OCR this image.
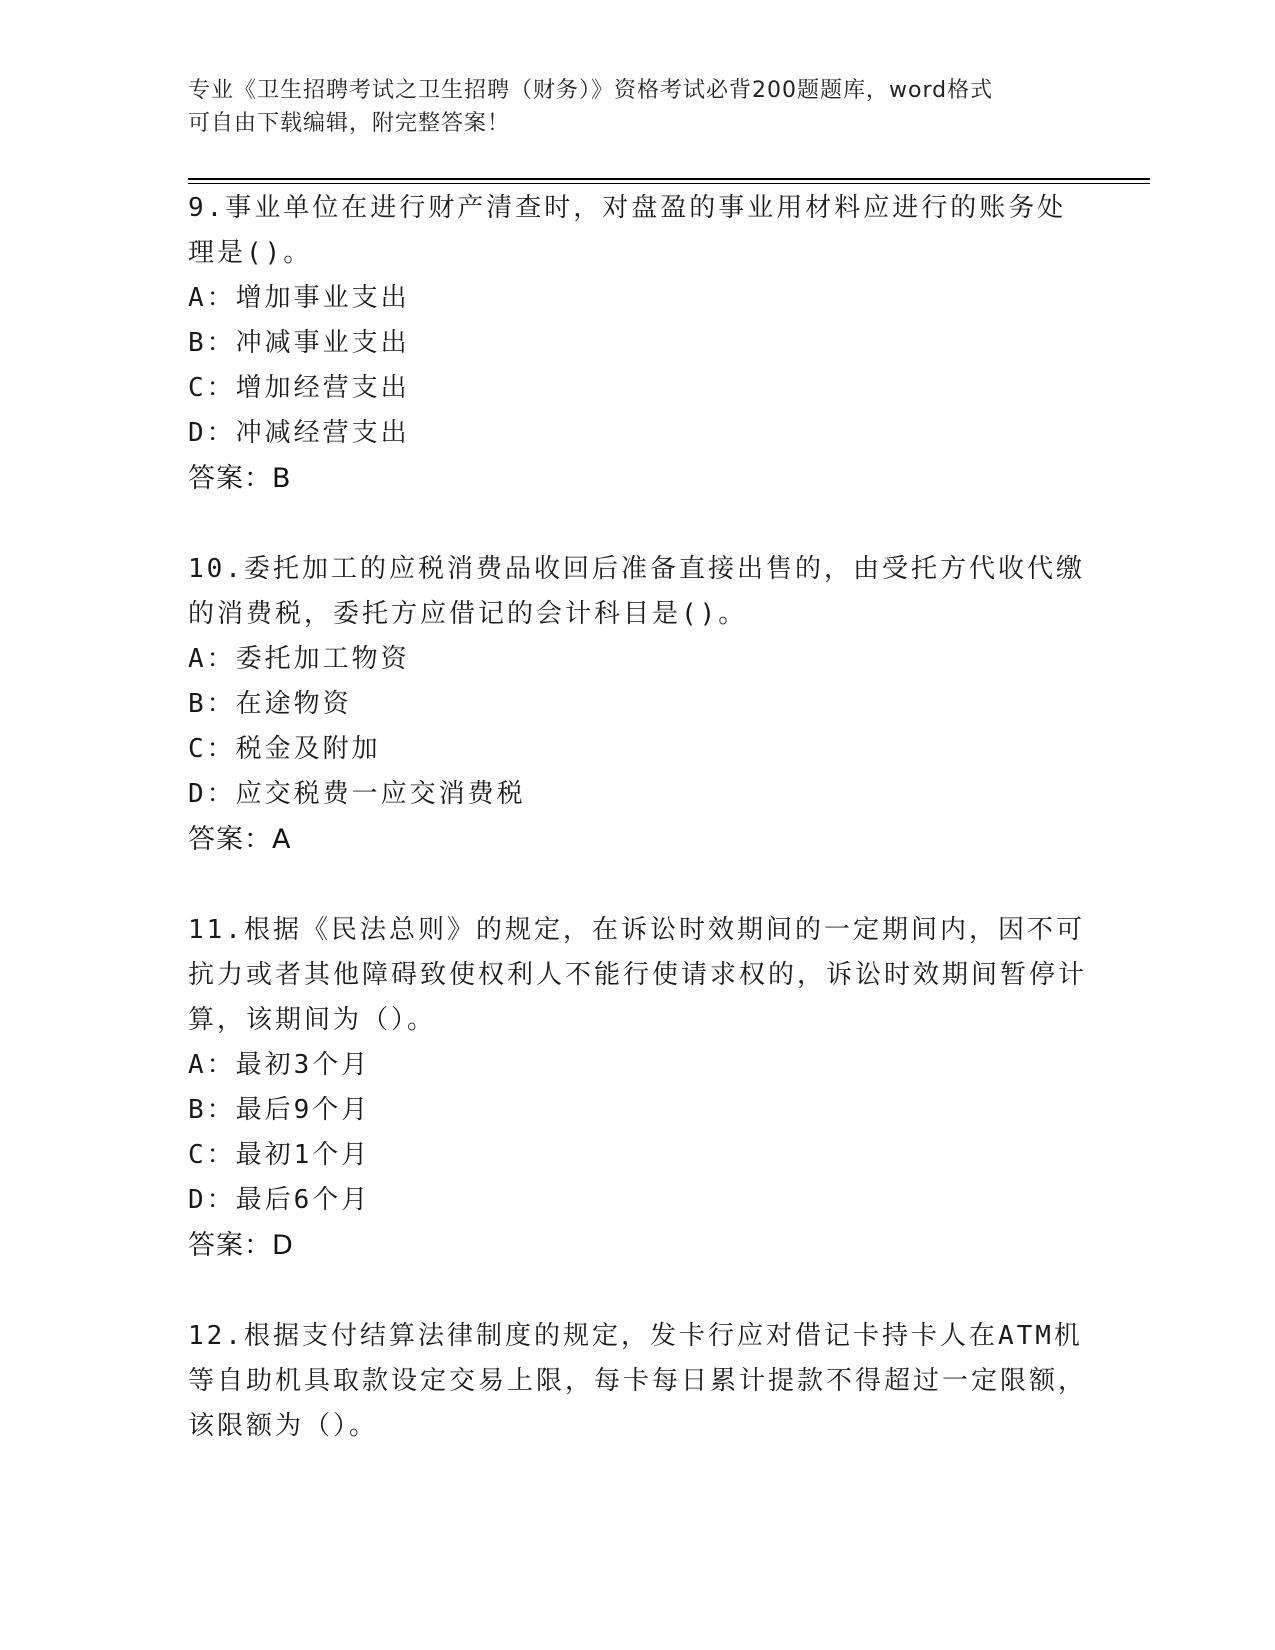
专业《卫生招聘考试之卫生招聘（财务）》资格考试必背200题题库，word格式
可自由下载编辑，附完整答案！

9.事业单位在进行财产清查时，对盘盈的事业用材料应进行的账务处理是()。

A：增加事业支出

B：冲减事业支出

C：增加经营支出

D：冲减经营支出

答案：B

10.委托加工的应税消费品收回后准备直接出售的，由受托方代收代缴的消费税，委托方应借记的会计科目是()。

A：委托加工物资

B：在途物资

C：税金及附加

D：应交税费一应交消费税

答案：A

11.根据《民法总则》的规定，在诉讼时效期间的一定期间内，因不可抗力或者其他障碍致使权利人不能行使请求权的，诉讼时效期间暂停计算，该期间为（）。

A：最初3个月

B：最后9个月

C：最初1个月

D：最后6个月

答案：D

12.根据支付结算法律制度的规定，发卡行应对借记卡持卡人在ATM机等自助机具取款设定交易上限，每卡每日累计提款不得超过一定限额，该限额为（）。
